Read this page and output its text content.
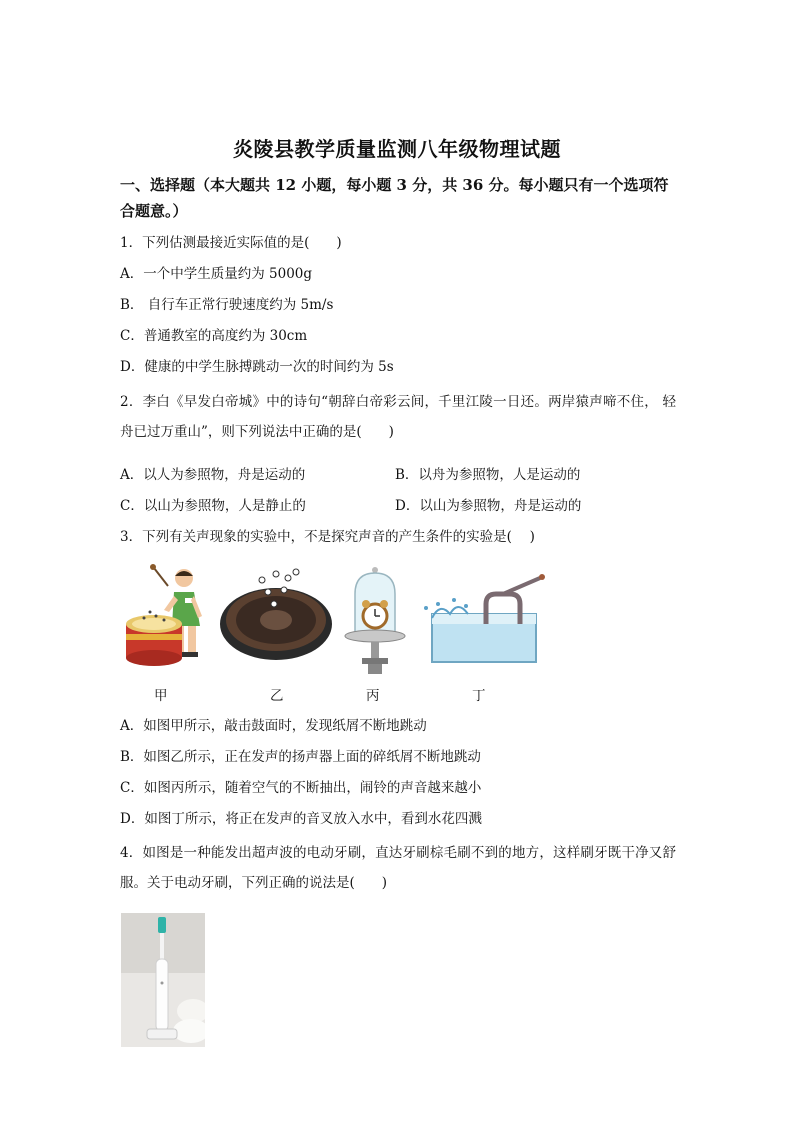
炎陵县教学质量监测八年级物理试题
一、选择题（本大题共 12 小题，每小题 3 分，共 36 分。每小题只有一个选项符合题意。）
1．下列估测最接近实际值的是(　　)
A．一个中学生质量约为 5000g
B． 自行车正常行驶速度约为 5m/s
C．普通教室的高度约为 30cm
D．健康的中学生脉搏跳动一次的时间约为 5s
2．李白《早发白帝城》中的诗句“朝辞白帝彩云间，千里江陵一日还。两岸猿声啼不住， 轻舟已过万重山”，则下列说法中正确的是(　　)
A．以人为参照物，舟是运动的	B．以舟为参照物，人是运动的
C．以山为参照物，人是静止的	D．以山为参照物，舟是运动的
3．下列有关声现象的实验中，不是探究声音的产生条件的实验是(　 )
甲	乙	丙	丁
A．如图甲所示，敲击鼓面时，发现纸屑不断地跳动
B．如图乙所示，正在发声的扬声器上面的碎纸屑不断地跳动
C．如图丙所示，随着空气的不断抽出，闹铃的声音越来越小
D．如图丁所示，将正在发声的音叉放入水中，看到水花四溅
4．如图是一种能发出超声波的电动牙刷，直达牙刷棕毛刷不到的地方，这样刷牙既干净又舒服。关于电动牙刷，下列正确的说法是(　　)
